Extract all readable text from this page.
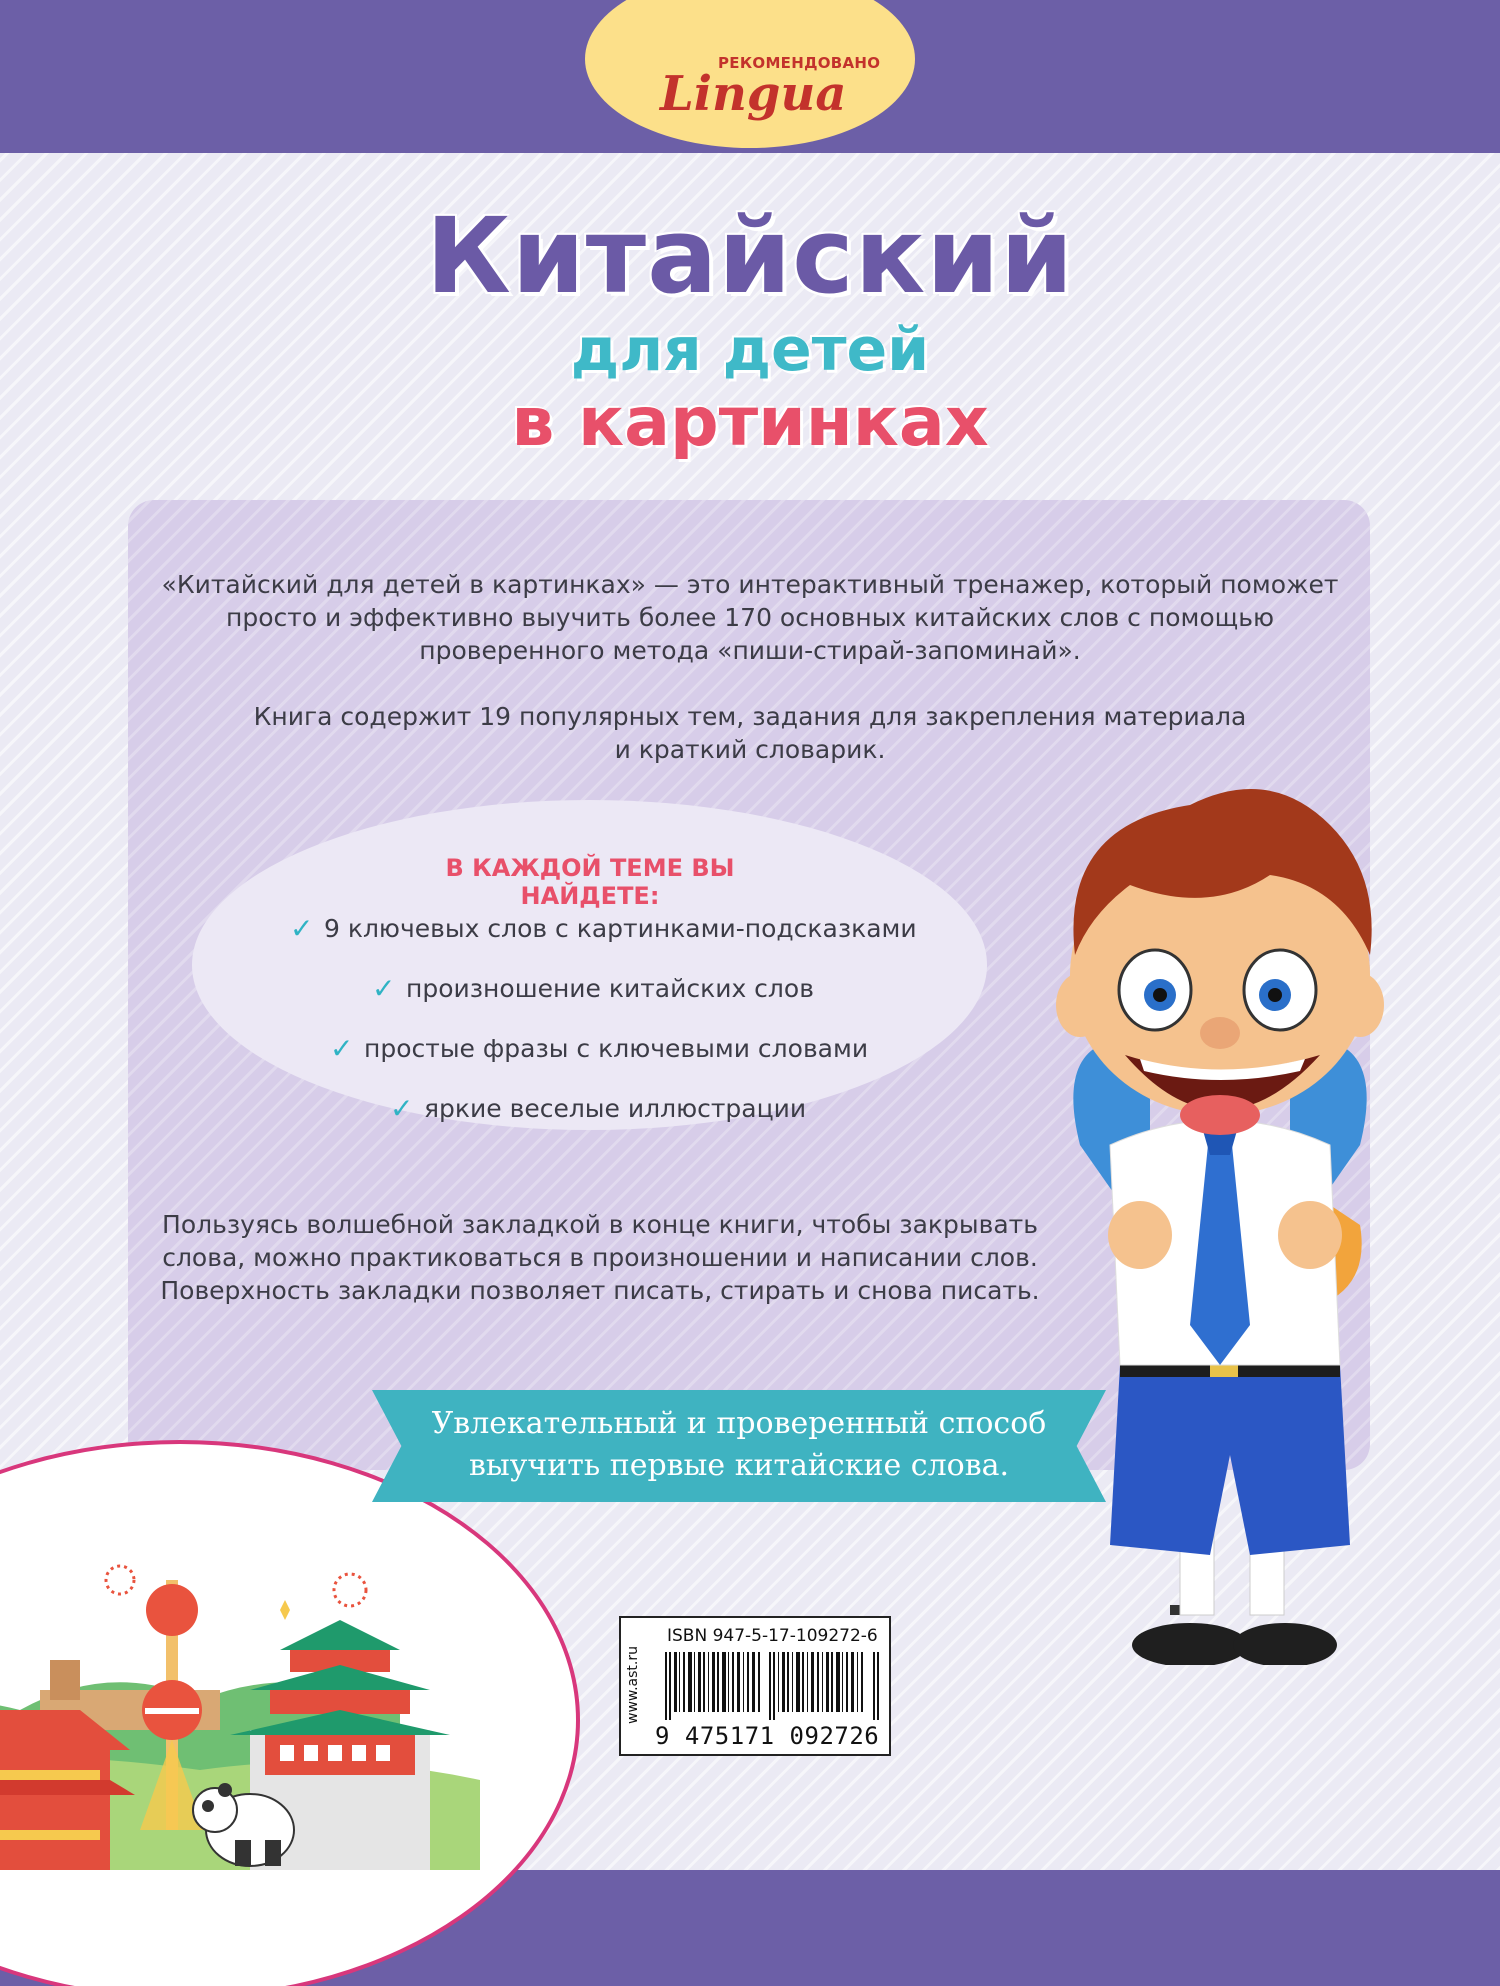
РЕКОМЕНДОВАНО
Lingua
Китайский
для детей
в картинках
«Китайский для детей в картинках» — это интерактивный тренажер, который поможет
просто и эффективно выучить более 170 основных китайских слов с помощью
проверенного метода «пиши-стирай-запоминай».
Книга содержит 19 популярных тем, задания для закрепления материала
и краткий словарик.
В КАЖДОЙ ТЕМЕ ВЫ НАЙДЕТЕ:
✓ 9 ключевых слов с картинками-подсказками
✓ произношение китайских слов
✓ простые фразы с ключевыми словами
✓ яркие веселые иллюстрации
Пользуясь волшебной закладкой в конце книги, чтобы закрывать
слова, можно практиковаться в произношении и написании слов.
Поверхность закладки позволяет писать, стирать и снова писать.
Увлекательный и проверенный способ
выучить первые китайские слова.
www.ast.ru
ISBN 947-5-17-109272-6
9 475171 092726
